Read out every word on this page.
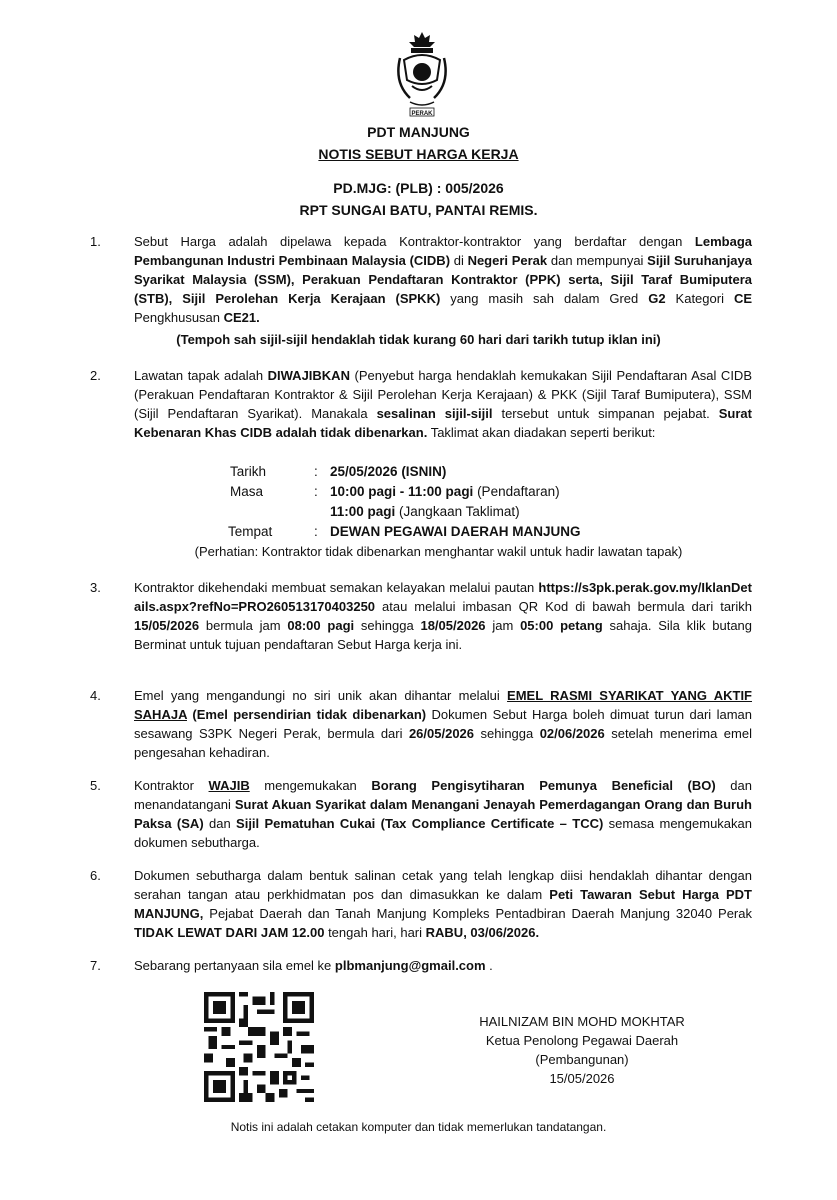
PERAK
PDT MANJUNG
NOTIS SEBUT HARGA KERJA
PD.MJG: (PLB) : 005/2026
RPT SUNGAI BATU, PANTAI REMIS.
1.	Sebut Harga adalah dipelawa kepada Kontraktor-kontraktor yang berdaftar dengan Lembaga Pembangunan Industri Pembinaan Malaysia (CIDB) di Negeri Perak dan mempunyai Sijil Suruhanjaya Syarikat Malaysia (SSM), Perakuan Pendaftaran Kontraktor (PPK) serta, Sijil Taraf Bumiputera (STB), Sijil Perolehan Kerja Kerajaan (SPKK) yang masih sah dalam Gred G2 Kategori CE Pengkhususan CE21.
(Tempoh sah sijil-sijil hendaklah tidak kurang 60 hari dari tarikh tutup iklan ini)
2.	Lawatan tapak adalah DIWAJIBKAN (Penyebut harga hendaklah kemukakan Sijil Pendaftaran Asal CIDB (Perakuan Pendaftaran Kontraktor & Sijil Perolehan Kerja Kerajaan) & PKK (Sijil Taraf Bumiputera), SSM (Sijil Pendaftaran Syarikat). Manakala sesalinan sijil-sijil tersebut untuk simpanan pejabat. Surat Kebenaran Khas CIDB adalah tidak dibenarkan. Taklimat akan diadakan seperti berikut:
Tarikh	: 25/05/2026 (ISNIN)
Masa	: 10:00 pagi - 11:00 pagi (Pendaftaran)
11:00 pagi (Jangkaan Taklimat)
Tempat	: DEWAN PEGAWAI DAERAH MANJUNG
(Perhatian: Kontraktor tidak dibenarkan menghantar wakil untuk hadir lawatan tapak)
3.	Kontraktor dikehendaki membuat semakan kelayakan melalui pautan https://s3pk.perak.gov.my/IklanDetails.aspx?refNo=PRO260513170403250 atau melalui imbasan QR Kod di bawah bermula dari tarikh 15/05/2026 bermula jam 08:00 pagi sehingga 18/05/2026 jam 05:00 petang sahaja. Sila klik butang Berminat untuk tujuan pendaftaran Sebut Harga kerja ini.
4.	Emel yang mengandungi no siri unik akan dihantar melalui EMEL RASMI SYARIKAT YANG AKTIF SAHAJA (Emel persendirian tidak dibenarkan) Dokumen Sebut Harga boleh dimuat turun dari laman sesawang S3PK Negeri Perak, bermula dari 26/05/2026 sehingga 02/06/2026 setelah menerima emel pengesahan kehadiran.
5.	Kontraktor WAJIB mengemukakan Borang Pengisytiharan Pemunya Beneficial (BO) dan menandatangani Surat Akuan Syarikat dalam Menangani Jenayah Pemerdagangan Orang dan Buruh Paksa (SA) dan Sijil Pematuhan Cukai (Tax Compliance Certificate – TCC) semasa mengemukakan dokumen sebutharga.
6.	Dokumen sebutharga dalam bentuk salinan cetak yang telah lengkap diisi hendaklah dihantar dengan serahan tangan atau perkhidmatan pos dan dimasukkan ke dalam Peti Tawaran Sebut Harga PDT MANJUNG, Pejabat Daerah dan Tanah Manjung Kompleks Pentadbiran Daerah Manjung 32040 Perak TIDAK LEWAT DARI JAM 12.00 tengah hari, hari RABU, 03/06/2026.
7.	Sebarang pertanyaan sila emel ke plbmanjung@gmail.com .
HAILNIZAM BIN MOHD MOKHTAR
Ketua Penolong Pegawai Daerah
(Pembangunan)
15/05/2026
Notis ini adalah cetakan komputer dan tidak memerlukan tandatangan.
